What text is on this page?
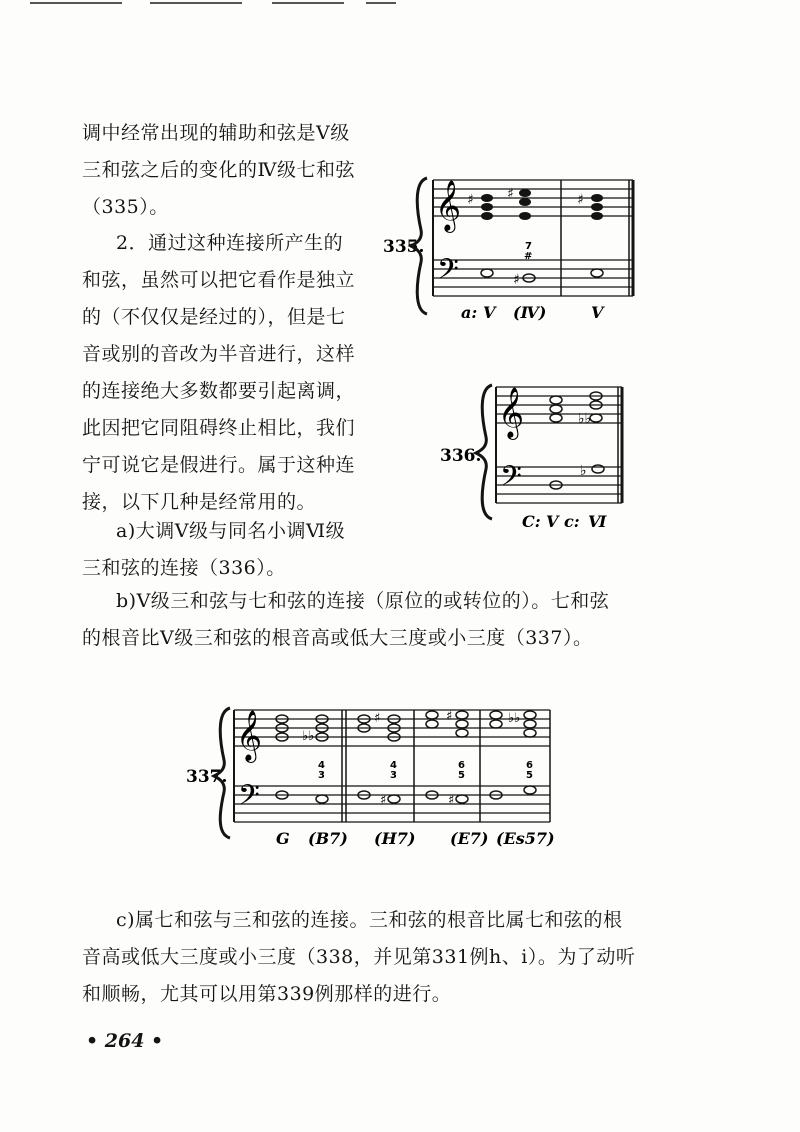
调中经常出现的辅助和弦是Ⅴ级
三和弦之后的变化的Ⅳ级七和弦
（335）。
2．通过这种连接所产生的
和弦，虽然可以把它看作是独立
的（不仅仅是经过的），但是七
音或别的音改为半音进行，这样
的连接绝大多数都要引起离调，
此因把它同阻碍终止相比，我们
宁可说它是假进行。属于这种连
接，以下几种是经常用的。
a)大调Ⅴ级与同名小调Ⅵ级
三和弦的连接（336）。
b)Ⅴ级三和弦与七和弦的连接（原位的或转位的）。七和弦
的根音比Ⅴ级三和弦的根音高或低大三度或小三度（337）。
c)属七和弦与三和弦的连接。三和弦的根音比属七和弦的根
音高或低大三度或小三度（338，并见第331例h、i）。为了动听
和顺畅，尤其可以用第339例那样的进行。
335.
𝄞
𝄢
♯ ♯	♯
♯
7
#
a: Ⅴ (Ⅳ)	Ⅴ
336.
𝄞
𝄢
♭♭
♭
C: Ⅴ c: Ⅵ
337.
𝄞
𝄢
♭♭
♯	♯	♭♭
♯	♯
4
3
4
3
6
5
6
5
G (B7) (H7) (E7) (Es57)
• 264 •
